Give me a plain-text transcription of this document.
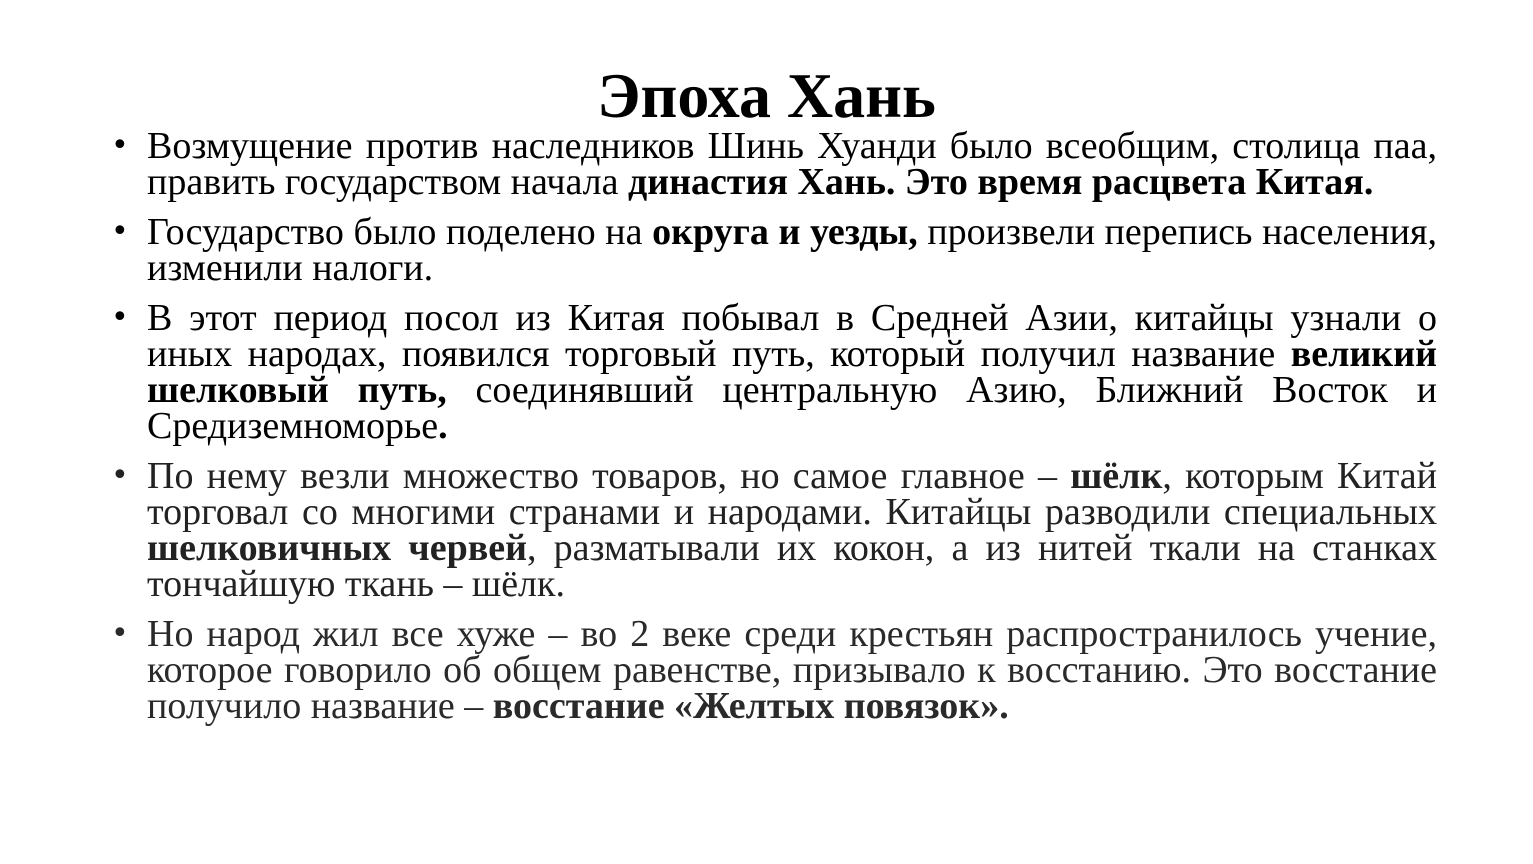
Эпоха Хань
• Возмущение против наследников Шинь Хуанди было всеобщим, столица паа, править государством начала династия Хань. Это время расцвета Китая.
• Государство было поделено на округа и уезды, произвели перепись населения, изменили налоги.
• В этот период посол из Китая побывал в Средней Азии, китайцы узнали о иных народах, появился торговый путь, который получил название великий шелковый путь, соединявший центральную Азию, Ближний Восток и Средиземноморье.
• По нему везли множество товаров, но самое главное – шёлк, которым Китай торговал со многими странами и народами. Китайцы разводили специальных шелковичных червей, разматывали их кокон, а из нитей ткали на станках тончайшую ткань – шёлк.
• Но народ жил все хуже – во 2 веке среди крестьян распространилось учение, которое говорило об общем равенстве, призывало к восстанию. Это восстание получило название – восстание «Желтых повязок».
